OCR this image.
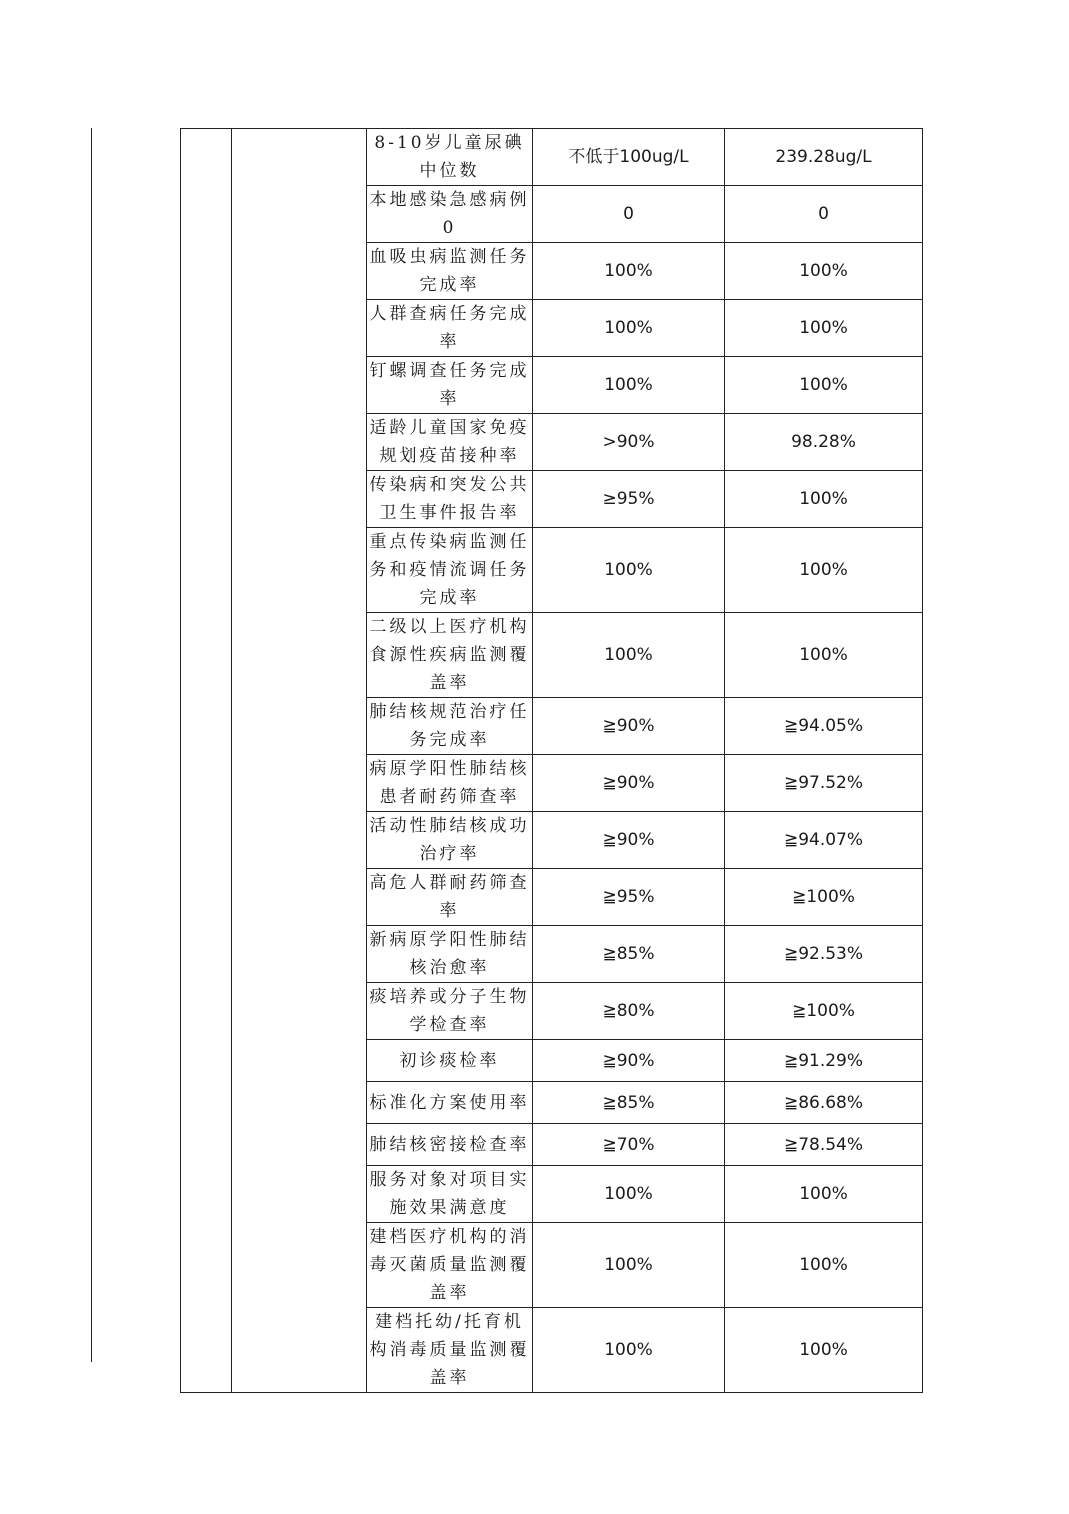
		8-10岁儿童尿碘中位数	不低于100ug/L	239.28ug/L
		本地感染急感病例0	0	0
		血吸虫病监测任务完成率	100%	100%
		人群查病任务完成率	100%	100%
		钉螺调查任务完成率	100%	100%
		适龄儿童国家免疫规划疫苗接种率	>90%	98.28%
		传染病和突发公共卫生事件报告率	≥95%	100%
		重点传染病监测任务和疫情流调任务完成率	100%	100%
		二级以上医疗机构食源性疾病监测覆盖率	100%	100%
		肺结核规范治疗任务完成率	≧90%	≧94.05%
		病原学阳性肺结核患者耐药筛查率	≧90%	≧97.52%
		活动性肺结核成功治疗率	≧90%	≧94.07%
		高危人群耐药筛查率	≧95%	≧100%
		新病原学阳性肺结核治愈率	≧85%	≧92.53%
		痰培养或分子生物学检查率	≧80%	≧100%
		初诊痰检率	≧90%	≧91.29%
		标准化方案使用率	≧85%	≧86.68%
		肺结核密接检查率	≧70%	≧78.54%
		服务对象对项目实施效果满意度	100%	100%
		建档医疗机构的消毒灭菌质量监测覆盖率	100%	100%
		建档托幼/托育机构消毒质量监测覆盖率	100%	100%
